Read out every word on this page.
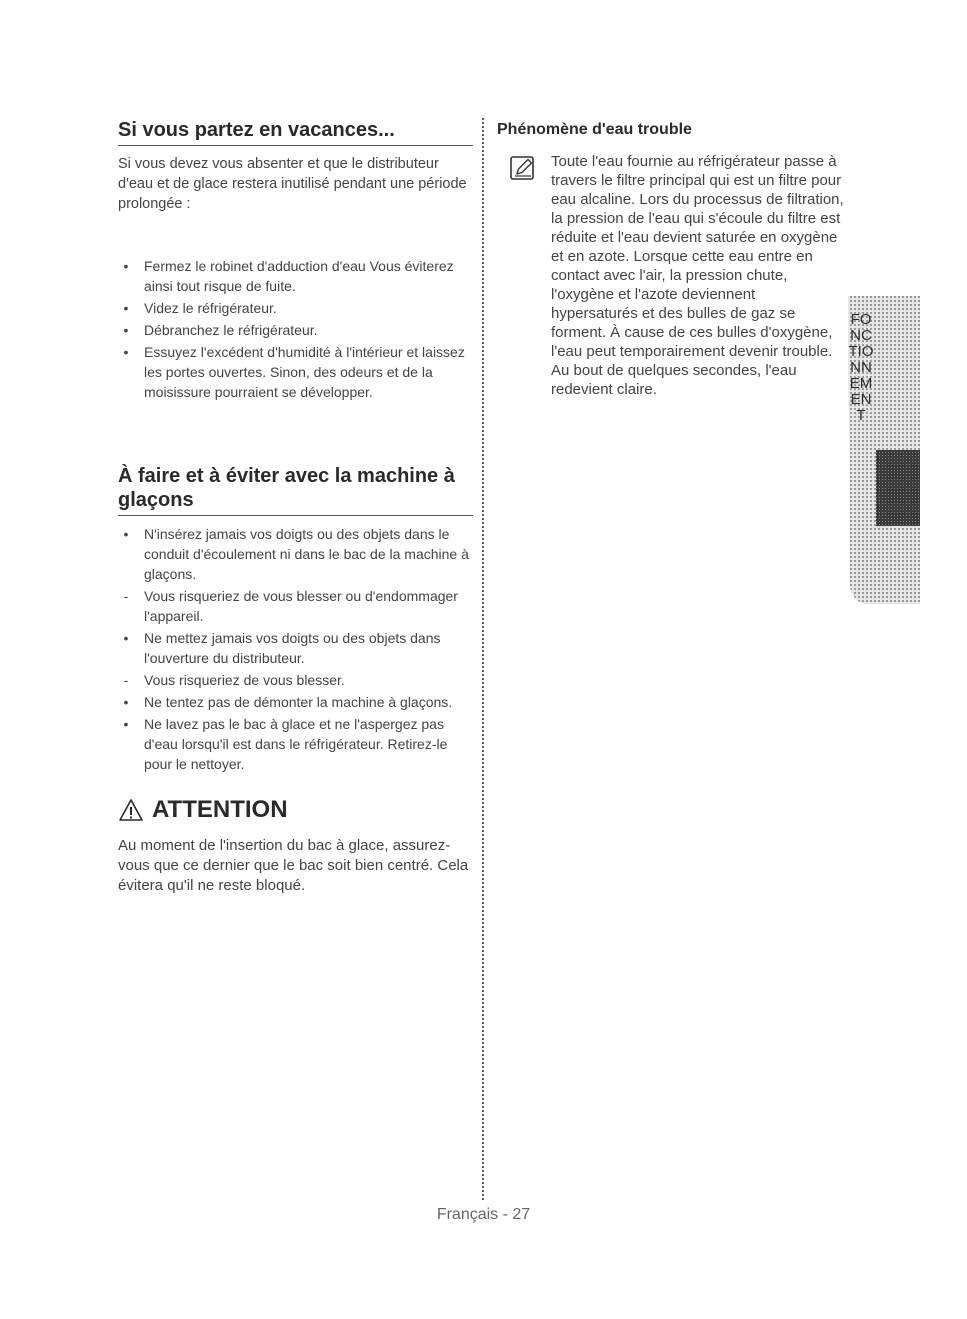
Si vous partez en vacances...

Si vous devez vous absenter et que le distributeur d'eau et de glace restera inutilisé pendant une période prolongée :

• Fermez le robinet d'adduction d'eau Vous éviterez ainsi tout risque de fuite.
• Videz le réfrigérateur.
• Débranchez le réfrigérateur.
• Essuyez l'excédent d'humidité à l'intérieur et laissez les portes ouvertes. Sinon, des odeurs et de la moisissure pourraient se développer.
À faire et à éviter avec la machine à glaçons
• N'insérez jamais vos doigts ou des objets dans le conduit d'écoulement ni dans le bac de la machine à glaçons.
- Vous risqueriez de vous blesser ou d'endommager l'appareil.
• Ne mettez jamais vos doigts ou des objets dans l'ouverture du distributeur.
- Vous risqueriez de vous blesser.
• Ne tentez pas de démonter la machine à glaçons.
• Ne lavez pas le bac à glace et ne l'aspergez pas d'eau lorsqu'il est dans le réfrigérateur. Retirez-le pour le nettoyer.
ATTENTION

Au moment de l'insertion du bac à glace, assurez-vous que ce dernier que le bac soit bien centré. Cela évitera qu'il ne reste bloqué.

Phénomène d'eau trouble
Toute l'eau fournie au réfrigérateur passe à travers le filtre principal qui est un filtre pour eau alcaline. Lors du processus de filtration, la pression de l'eau qui s'écoule du filtre est réduite et l'eau devient saturée en oxygène et en azote. Lorsque cette eau entre en contact avec l'air, la pression chute, l'oxygène et l'azote deviennent hypersaturés et des bulles de gaz se forment. À cause de ces bulles d'oxygène, l'eau peut temporairement devenir trouble. Au bout de quelques secondes, l'eau redevient claire.
FONCTIONNEMENT
Français - 27
